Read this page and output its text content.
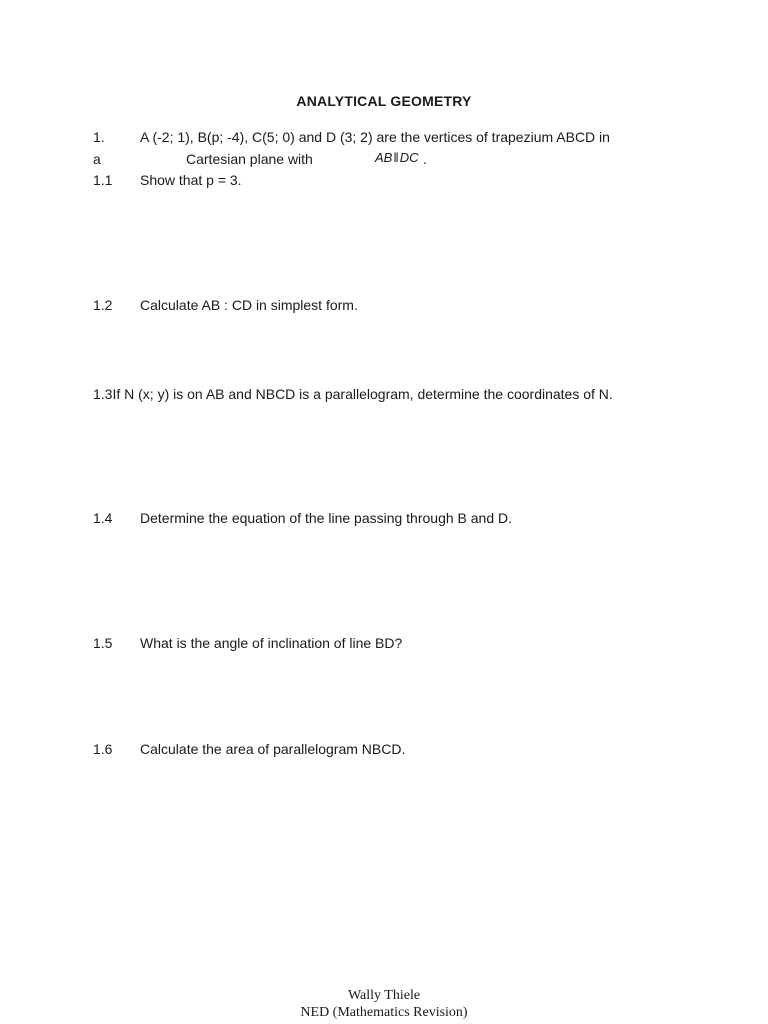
ANALYTICAL GEOMETRY
1.	A (-2; 1), B(p; -4), C(5; 0) and D (3; 2) are the vertices of trapezium ABCD in
a	Cartesian plane with	AB‖DC .
1.1 Show that p = 3.
1.2 Calculate AB : CD in simplest form.
1.3If N (x; y) is on AB and NBCD is a parallelogram, determine the coordinates of N.
1.4 Determine the equation of the line passing through B and D.
1.5 What is the angle of inclination of line BD?
1.6 Calculate the area of parallelogram NBCD.
Wally Thiele
NED (Mathematics Revision)
